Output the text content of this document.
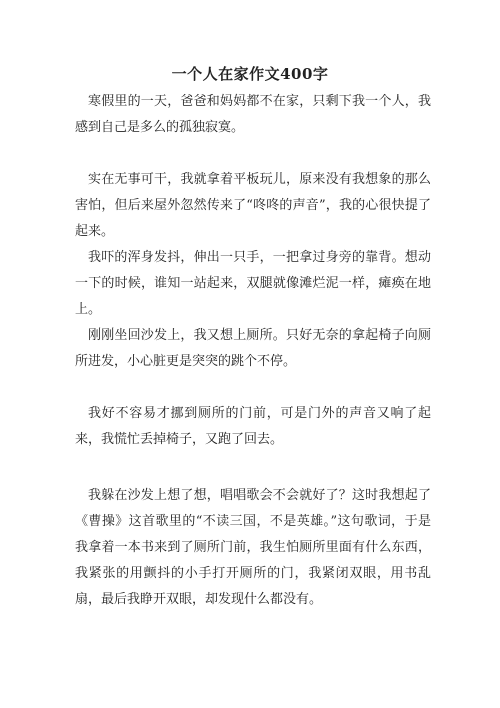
一个人在家作文400字

寒假里的一天，爸爸和妈妈都不在家，只剩下我一个人，我感到自己是多么的孤独寂寞。

实在无事可干，我就拿着平板玩儿，原来没有我想象的那么害怕，但后来屋外忽然传来了“咚咚的声音”，我的心很快提了起来。

我吓的浑身发抖，伸出一只手，一把拿过身旁的靠背。想动一下的时候，谁知一站起来，双腿就像滩烂泥一样，瘫痪在地上。

刚刚坐回沙发上，我又想上厕所。只好无奈的拿起椅子向厕所进发，小心脏更是突突的跳个不停。

我好不容易才挪到厕所的门前，可是门外的声音又响了起来，我慌忙丢掉椅子，又跑了回去。

我躲在沙发上想了想，唱唱歌会不会就好了？这时我想起了《曹操》这首歌里的“不读三国，不是英雄。”这句歌词，于是我拿着一本书来到了厕所门前，我生怕厕所里面有什么东西，我紧张的用颤抖的小手打开厕所的门，我紧闭双眼，用书乱扇，最后我睁开双眼，却发现什么都没有。
